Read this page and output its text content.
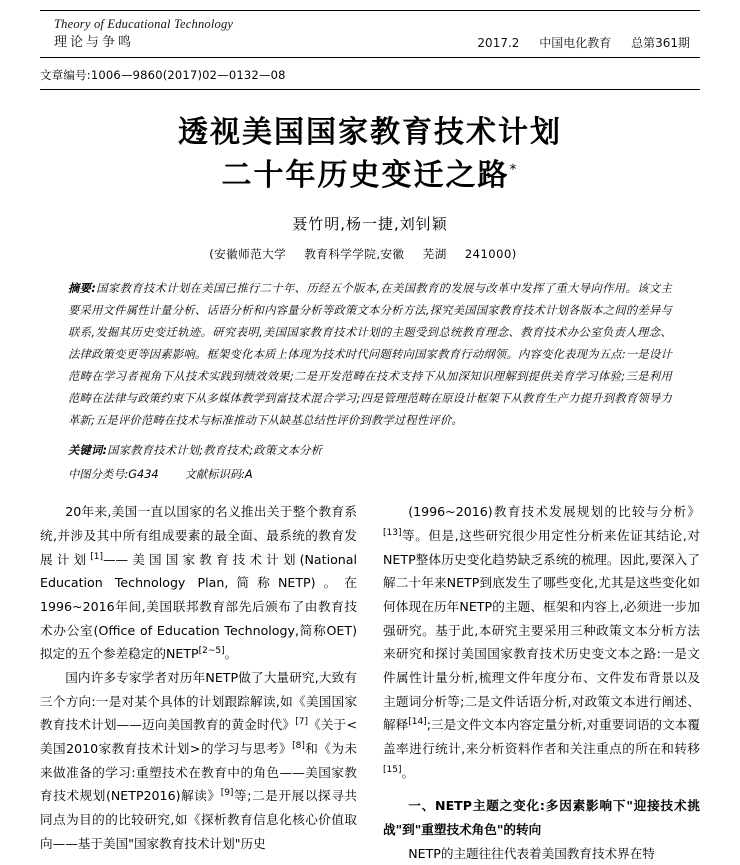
Theory of Educational Technology
理论与争鸣	2017.2 中国电化教育 总第361期
文章编号:1006—9860(2017)02—0132—08
透视美国国家教育技术计划
二十年历史变迁之路*
聂竹明,杨一捷,刘钊颖
(安徽师范大学 教育科学学院,安徽 芜湖 241000)
摘要:国家教育技术计划在美国已推行二十年、历经五个版本,在美国教育的发展与改革中发挥了重大导向作用。该文主要采用文件属性计量分析、话语分析和内容量分析等政策文本分析方法,探究美国国家教育技术计划各版本之间的差异与联系,发掘其历史变迁轨迹。研究表明,美国国家教育技术计划的主题受到总统教育理念、教育技术办公室负责人理念、法律政策变更等因素影响。框架变化本质上体现为技术时代问题转向国家教育行动纲领。内容变化表现为五点:一是设计范畴在学习者视角下从技术实践到绩效效果;二是开发范畴在技术支持下从加深知识理解到提供美育学习体验;三是利用范畴在法律与政策约束下从多媒体教学到富技术混合学习;四是管理范畴在原设计框架下从教育生产力提升到教育领导力革新;五是评价范畴在技术与标准推动下从缺基总结性评价到教学过程性评价。
关键词:国家教育技术计划;教育技术;政策文本分析
中图分类号:G434 文献标识码:A

20年来,美国一直以国家的名义推出关于整个教育系统,并涉及其中所有组成要素的最全面、最系统的教育发展计划[1]——美国国家教育技术计划(National Education Technology Plan,简称NETP)。在1996~2016年间,美国联邦教育部先后颁布了由教育技术办公室(Office of Education Technology,简称OET)拟定的五个参差稳定的NETP[2~5]。

国内许多专家学者对历年NETP做了大量研究,大致有三个方向:一是对某个具体的计划跟踪解读,如《美国国家教育技术计划——迈向美国教育的黄金时代》[7]《关于<美国2010家教育技术计划>的学习与思考》[8]和《为未来做准备的学习:重塑技术在教育中的角色——美国家教育技术规划(NETP2016)解读》[9]等;二是开展以探寻共同点为目的的比较研究,如《探析教育信息化核心价值取向——基于美国"国家教育技术计划"历史

(1996~2016)教育技术发展规划的比较与分析》[13]等。但是,这些研究很少用定性分析来佐证其结论,对NETP整体历史变化趋势缺乏系统的梳理。因此,要深入了解二十年来NETP到底发生了哪些变化,尤其是这些变化如何体现在历年NETP的主题、框架和内容上,必须进一步加强研究。基于此,本研究主要采用三种政策文本分析方法来研究和探讨美国国家教育技术历史变文本之路:一是文件属性计量分析,梳理文件年度分布、文件发布背景以及主题词分析等;二是文件话语分析,对政策文本进行阐述、解释[14];三是文件文本内容定量分析,对重要词语的文本覆盖率进行统计,来分析资料作者和关注重点的所在和转移[15]。

一、NETP主题之变化:多因素影响下"迎接技术挑战"到"重塑技术角色"的转向

NETP的主题往往代表着美国教育技术界在特
